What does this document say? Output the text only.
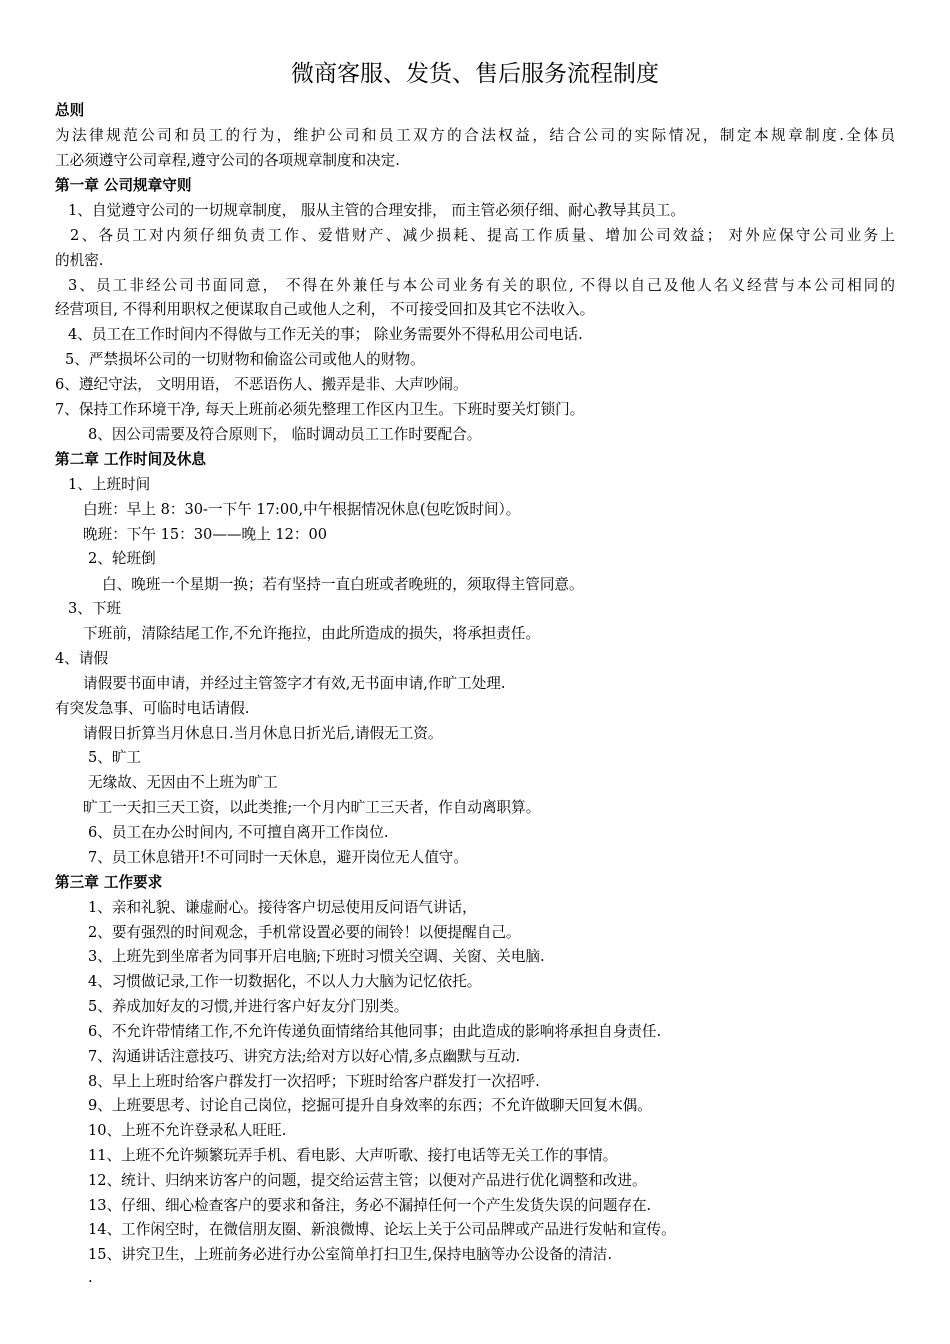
微商客服、发货、售后服务流程制度
总则
为法律规范公司和员工的行为，维护公司和员工双方的合法权益，结合公司的实际情况，制定本规章制度.全体员
工必须遵守公司章程,遵守公司的各项规章制度和决定.
第一章 公司规章守则
1、自觉遵守公司的一切规章制度， 服从主管的合理安排， 而主管必须仔细、耐心教导其员工。
2、各员工对内须仔细负责工作、爱惜财产、减少损耗、提高工作质量、增加公司效益； 对外应保守公司业务上
的机密.
3、员工非经公司书面同意， 不得在外兼任与本公司业务有关的职位, 不得以自己及他人名义经营与本公司相同的
经营项目, 不得利用职权之便谋取自己或他人之利， 不可接受回扣及其它不法收入。
4、员工在工作时间内不得做与工作无关的事； 除业务需要外不得私用公司电话.
5、严禁损坏公司的一切财物和偷盗公司或他人的财物。
6、遵纪守法， 文明用语， 不恶语伤人、搬弄是非、大声吵闹。
7、保持工作环境干净, 每天上班前必须先整理工作区内卫生。下班时要关灯锁门。
8、因公司需要及符合原则下， 临时调动员工工作时要配合。
第二章 工作时间及休息
1、上班时间
白班：早上 8：30-一下午 17:00,中午根据情况休息(包吃饭时间）。
晚班：下午 15：30——晚上 12：00
2、轮班倒
白、晚班一个星期一换；若有坚持一直白班或者晚班的，须取得主管同意。
3、下班
下班前，清除结尾工作,不允许拖拉，由此所造成的损失，将承担责任。
4、请假
请假要书面申请，并经过主管签字才有效,无书面申请,作旷工处理.
有突发急事、可临时电话请假.
请假日折算当月休息日.当月休息日折光后,请假无工资。
5、旷工
无缘故、无因由不上班为旷工
旷工一天扣三天工资，以此类推;一个月内旷工三天者，作自动离职算。
6、员工在办公时间内, 不可擅自离开工作岗位.
7、员工休息错开!不可同时一天休息，避开岗位无人值守。
第三章 工作要求
1、亲和礼貌、谦虚耐心。接待客户切忌使用反问语气讲话，
2、要有强烈的时间观念，手机常设置必要的闹铃！以便提醒自己。
3、上班先到坐席者为同事开启电脑;下班时习惯关空调、关窗、关电脑.
4、习惯做记录,工作一切数据化，不以人力大脑为记忆依托。
5、养成加好友的习惯,并进行客户好友分门别类。
6、不允许带情绪工作,不允许传递负面情绪给其他同事；由此造成的影响将承担自身责任.
7、沟通讲话注意技巧、讲究方法;给对方以好心情,多点幽默与互动.
8、早上上班时给客户群发打一次招呼；下班时给客户群发打一次招呼.
9、上班要思考、讨论自己岗位，挖掘可提升自身效率的东西；不允许做聊天回复木偶。
10、上班不允许登录私人旺旺.
11、上班不允许频繁玩弄手机、看电影、大声听歌、接打电话等无关工作的事情。
12、统计、归纳来访客户的问题，提交给运营主管；以便对产品进行优化调整和改进。
13、仔细、细心检查客户的要求和备注，务必不漏掉任何一个产生发货失误的问题存在.
14、工作闲空时，在微信朋友圈、新浪微博、论坛上关于公司品牌或产品进行发帖和宣传。
15、讲究卫生，上班前务必进行办公室简单打扫卫生,保持电脑等办公设备的清洁.
.
